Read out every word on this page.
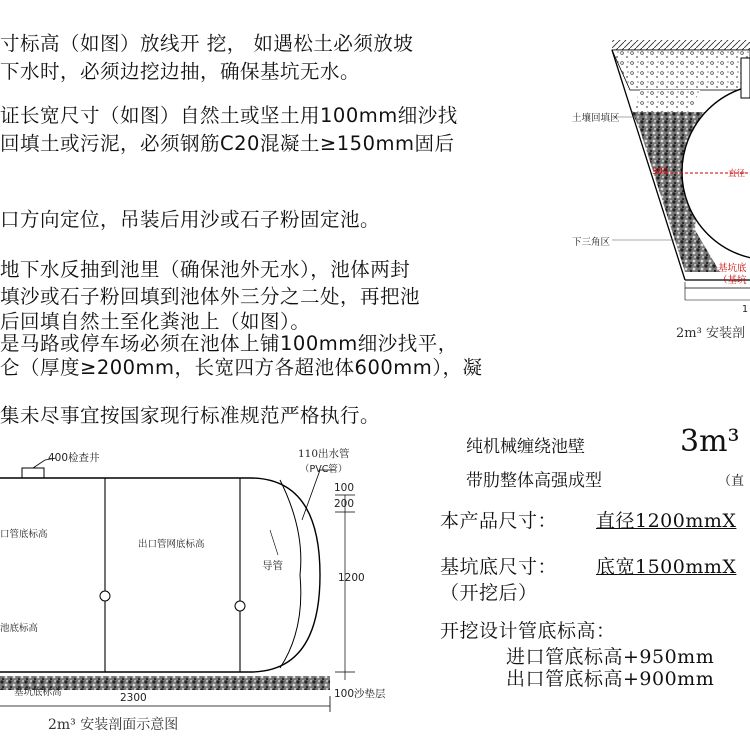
寸标高（如图）放线开 挖， 如遇松土必须放坡
下水时，必须边挖边抽，确保基坑无水。
证长宽尺寸（如图）自然土或坚土用100mm细沙找
回填土或污泥，必须钢筋C20混凝土≥150mm固后
口方向定位，吊装后用沙或石子粉固定池。
地下水反抽到池里（确保池外无水），池体两封
填沙或石子粉回填到池体外三分之二处，再把池
后回填自然土至化粪池上（如图）。
是马路或停车场必须在池体上铺100mm细沙找平，
仑（厚度≥200mm，长宽四方各超池体600mm），凝
集未尽事宜按国家现行标准规范严格执行。
土壤回填区
300	直径
下三角区
基坑底
（基坑
1
2m³ 安装剖
400检查井	110出水管
（PVC管）
口管底标高
出口管网底标高
导管
池底标高
基坑底标高
100
200
1200
100沙垫层
2300
2m³ 安装剖面示意图
纯机械缠绕池壁	3m³
带肋整体高强成型	（直
本产品尺寸： 直径1200mmX
基坑底尺寸： 底宽1500mmX
（开挖后）
开挖设计管底标高：
进口管底标高+950mm
出口管底标高+900mm
